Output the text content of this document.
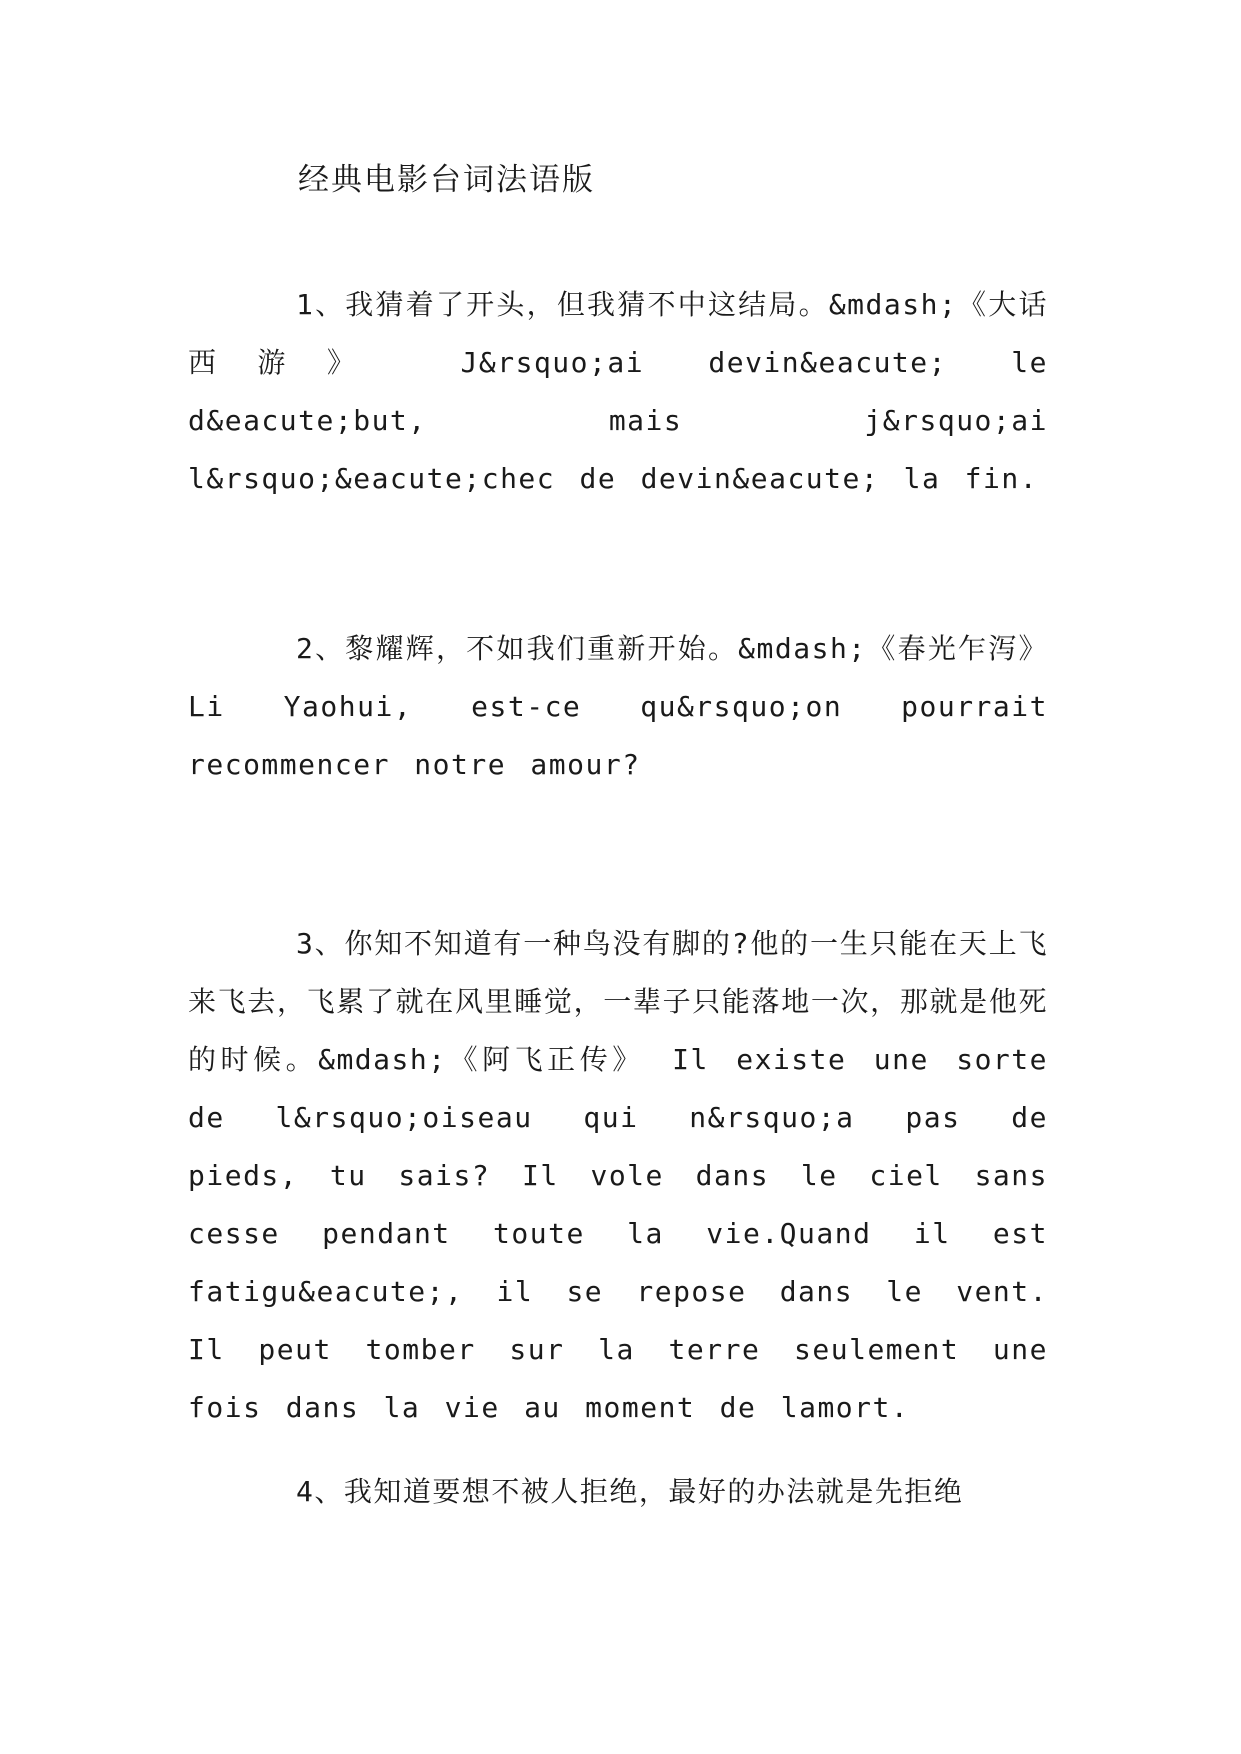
经典电影台词法语版

1、我猜着了开头，但我猜不中这结局。&mdash;《大话西游》 J&rsquo;ai devin&eacute; le d&eacute;but, mais j&rsquo;ai l&rsquo;&eacute;chec de devin&eacute; la fin.

2、黎耀辉，不如我们重新开始。&mdash;《春光乍泻》 Li Yaohui, est-ce qu&rsquo;on pourrait recommencer notre amour?

3、你知不知道有一种鸟没有脚的?他的一生只能在天上飞来飞去，飞累了就在风里睡觉，一辈子只能落地一次，那就是他死的时候。&mdash;《阿飞正传》 Il existe une sorte de l&rsquo;oiseau qui n&rsquo;a pas de pieds, tu sais? Il vole dans le ciel sans cesse pendant toute la vie.Quand il est fatigu&eacute;, il se repose dans le vent. Il peut tomber sur la terre seulement une fois dans la vie au moment de lamort.

4、我知道要想不被人拒绝，最好的办法就是先拒绝
